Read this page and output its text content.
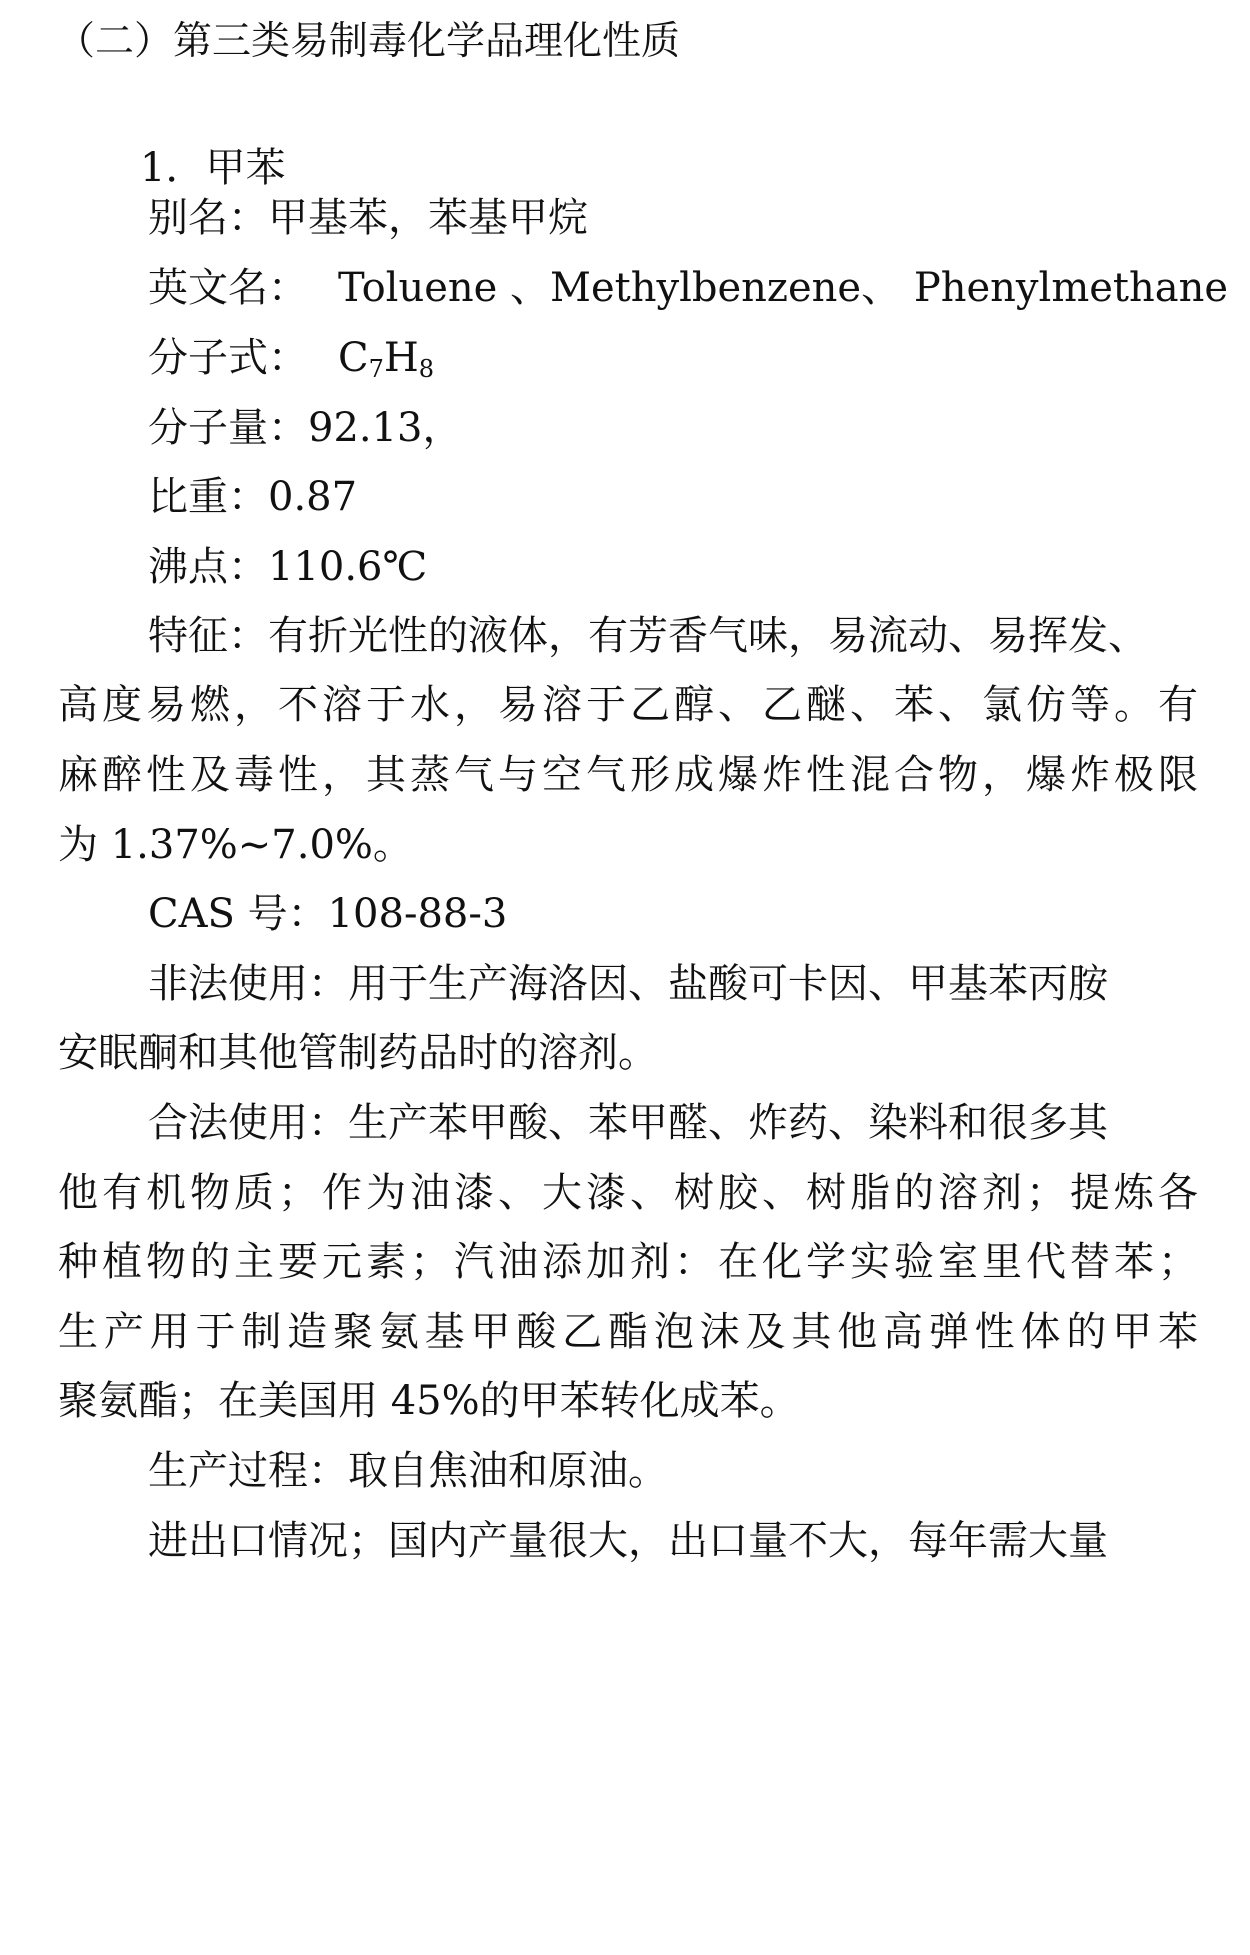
（二）第三类易制毒化学品理化性质
1．甲苯
别名：甲基苯，苯基甲烷
英文名： Toluene 、Methylbenzene、 Phenylmethane
分子式： $C_7H_8$
分子量：92.13，
比重：0.87
沸点：110.6℃
特征：有折光性的液体，有芳香气味，易流动、易挥发、
高度易燃，不溶于水，易溶于乙醇、乙醚、苯、氯仿等。有
麻醉性及毒性，其蒸气与空气形成爆炸性混合物，爆炸极限
为 1.37%~7.0%。
CAS 号：108-88-3
非法使用：用于生产海洛因、盐酸可卡因、甲基苯丙胺
安眠酮和其他管制药品时的溶剂。
合法使用：生产苯甲酸、苯甲醛、炸药、染料和很多其
他有机物质；作为油漆、大漆、树胶、树脂的溶剂；提炼各
种植物的主要元素；汽油添加剂：在化学实验室里代替苯；
生产用于制造聚氨基甲酸乙酯泡沫及其他高弹性体的甲苯
聚氨酯；在美国用 45%的甲苯转化成苯。
生产过程：取自焦油和原油。
进出口情况；国内产量很大，出口量不大，每年需大量
